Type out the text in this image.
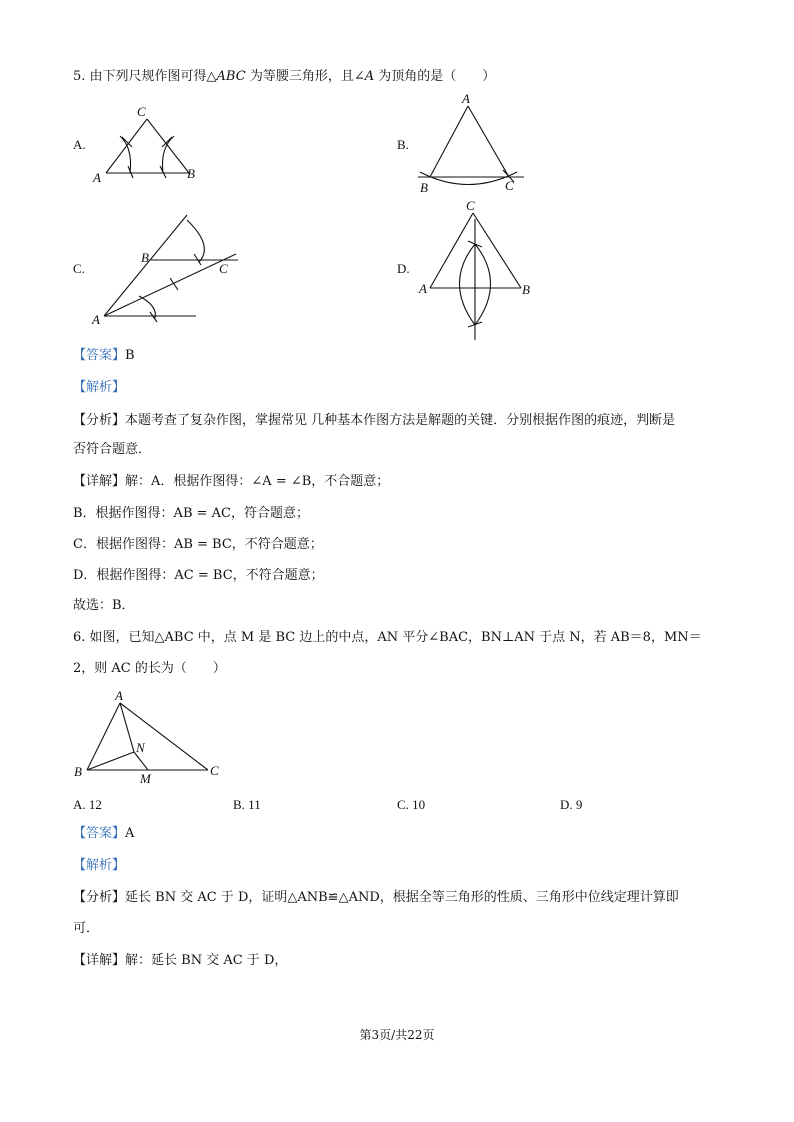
5. 由下列尺规作图可得△ABC 为等腰三角形，且∠A 为顶角的是（　　）
A.	B.
C.	D.
C
A	B
A
B	C
B
C
A
C
A	B
【答案】B
【解析】
【分析】本题考查了复杂作图，掌握常见 几种基本作图方法是解题的关键．分别根据作图的痕迹，判断是
否符合题意．
【详解】解：A．根据作图得：∠A = ∠B，不合题意；
B．根据作图得：AB = AC，符合题意；
C．根据作图得：AB = BC，不符合题意；
D．根据作图得：AC = BC，不符合题意；
故选：B．
6. 如图，已知△ABC 中，点 M 是 BC 边上的中点，AN 平分∠BAC，BN⊥AN 于点 N，若 AB＝8，MN＝
2，则 AC 的长为（　　）
A
B	C
N
M
A. 12	B. 11	C. 10	D. 9
【答案】A
【解析】
【分析】延长 BN 交 AC 于 D，证明△ANB≌△AND，根据全等三角形的性质、三角形中位线定理计算即
可．
【详解】解：延长 BN 交 AC 于 D，
第3页/共22页
